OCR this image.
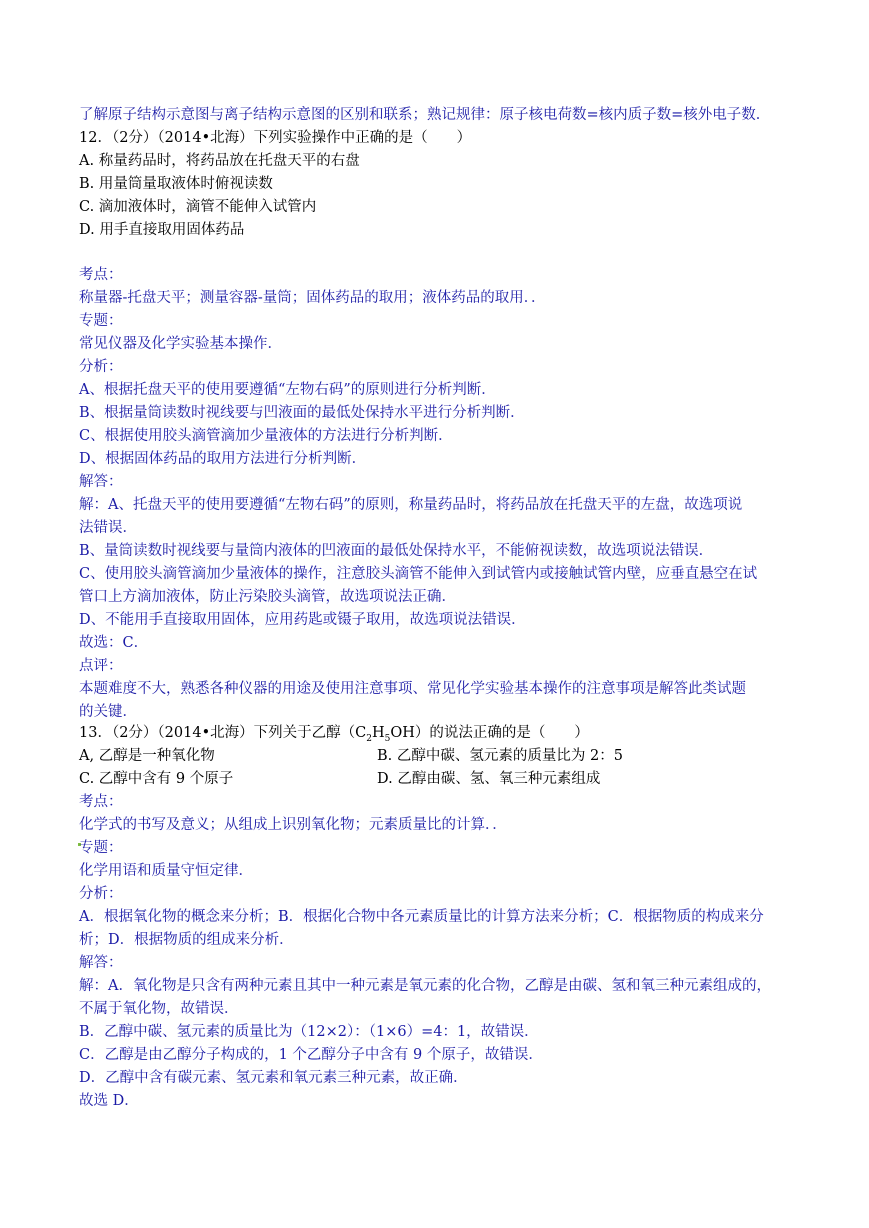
了解原子结构示意图与离子结构示意图的区别和联系；熟记规律：原子核电荷数=核内质子数=核外电子数．
12．（2分）（2014•北海）下列实验操作中正确的是（　　）
A. 称量药品时，将药品放在托盘天平的右盘
B. 用量筒量取液体时俯视读数
C. 滴加液体时，滴管不能伸入试管内
D. 用手直接取用固体药品
考点：
称量器-托盘天平；测量容器-量筒；固体药品的取用；液体药品的取用．．
专题：
常见仪器及化学实验基本操作．
分析：
A、根据托盘天平的使用要遵循“左物右码”的原则进行分析判断．
B、根据量筒读数时视线要与凹液面的最低处保持水平进行分析判断．
C、根据使用胶头滴管滴加少量液体的方法进行分析判断．
D、根据固体药品的取用方法进行分析判断．
解答：
解：A、托盘天平的使用要遵循“左物右码”的原则，称量药品时，将药品放在托盘天平的左盘，故选项说
法错误．
B、量筒读数时视线要与量筒内液体的凹液面的最低处保持水平，不能俯视读数，故选项说法错误．
C、使用胶头滴管滴加少量液体的操作，注意胶头滴管不能伸入到试管内或接触试管内壁，应垂直悬空在试
管口上方滴加液体，防止污染胶头滴管，故选项说法正确．
D、不能用手直接取用固体，应用药匙或镊子取用，故选项说法错误．
故选：C．
点评：
本题难度不大，熟悉各种仪器的用途及使用注意事项、常见化学实验基本操作的注意事项是解答此类试题
的关键．
13．（2分）（2014•北海）下列关于乙醇$(C_2H_5OH)$的说法正确的是（　　）
A, 乙醇是一种氧化物	B. 乙醇中碳、氢元素的质量比为 2：5
C. 乙醇中含有 9 个原子	D. 乙醇由碳、氢、氧三种元素组成
考点：
化学式的书写及意义；从组成上识别氧化物；元素质量比的计算．．
专题：
化学用语和质量守恒定律．
分析：
A．根据氧化物的概念来分析；B．根据化合物中各元素质量比的计算方法来分析；C．根据物质的构成来分
析；D．根据物质的组成来分析．
解答：
解：A．氧化物是只含有两种元素且其中一种元素是氧元素的化合物，乙醇是由碳、氢和氧三种元素组成的，
不属于氧化物，故错误．
B．乙醇中碳、氢元素的质量比为（12×2）：（1×6）=4：1，故错误．
C．乙醇是由乙醇分子构成的，1 个乙醇分子中含有 9 个原子，故错误．
D．乙醇中含有碳元素、氢元素和氧元素三种元素，故正确．
故选 D．
